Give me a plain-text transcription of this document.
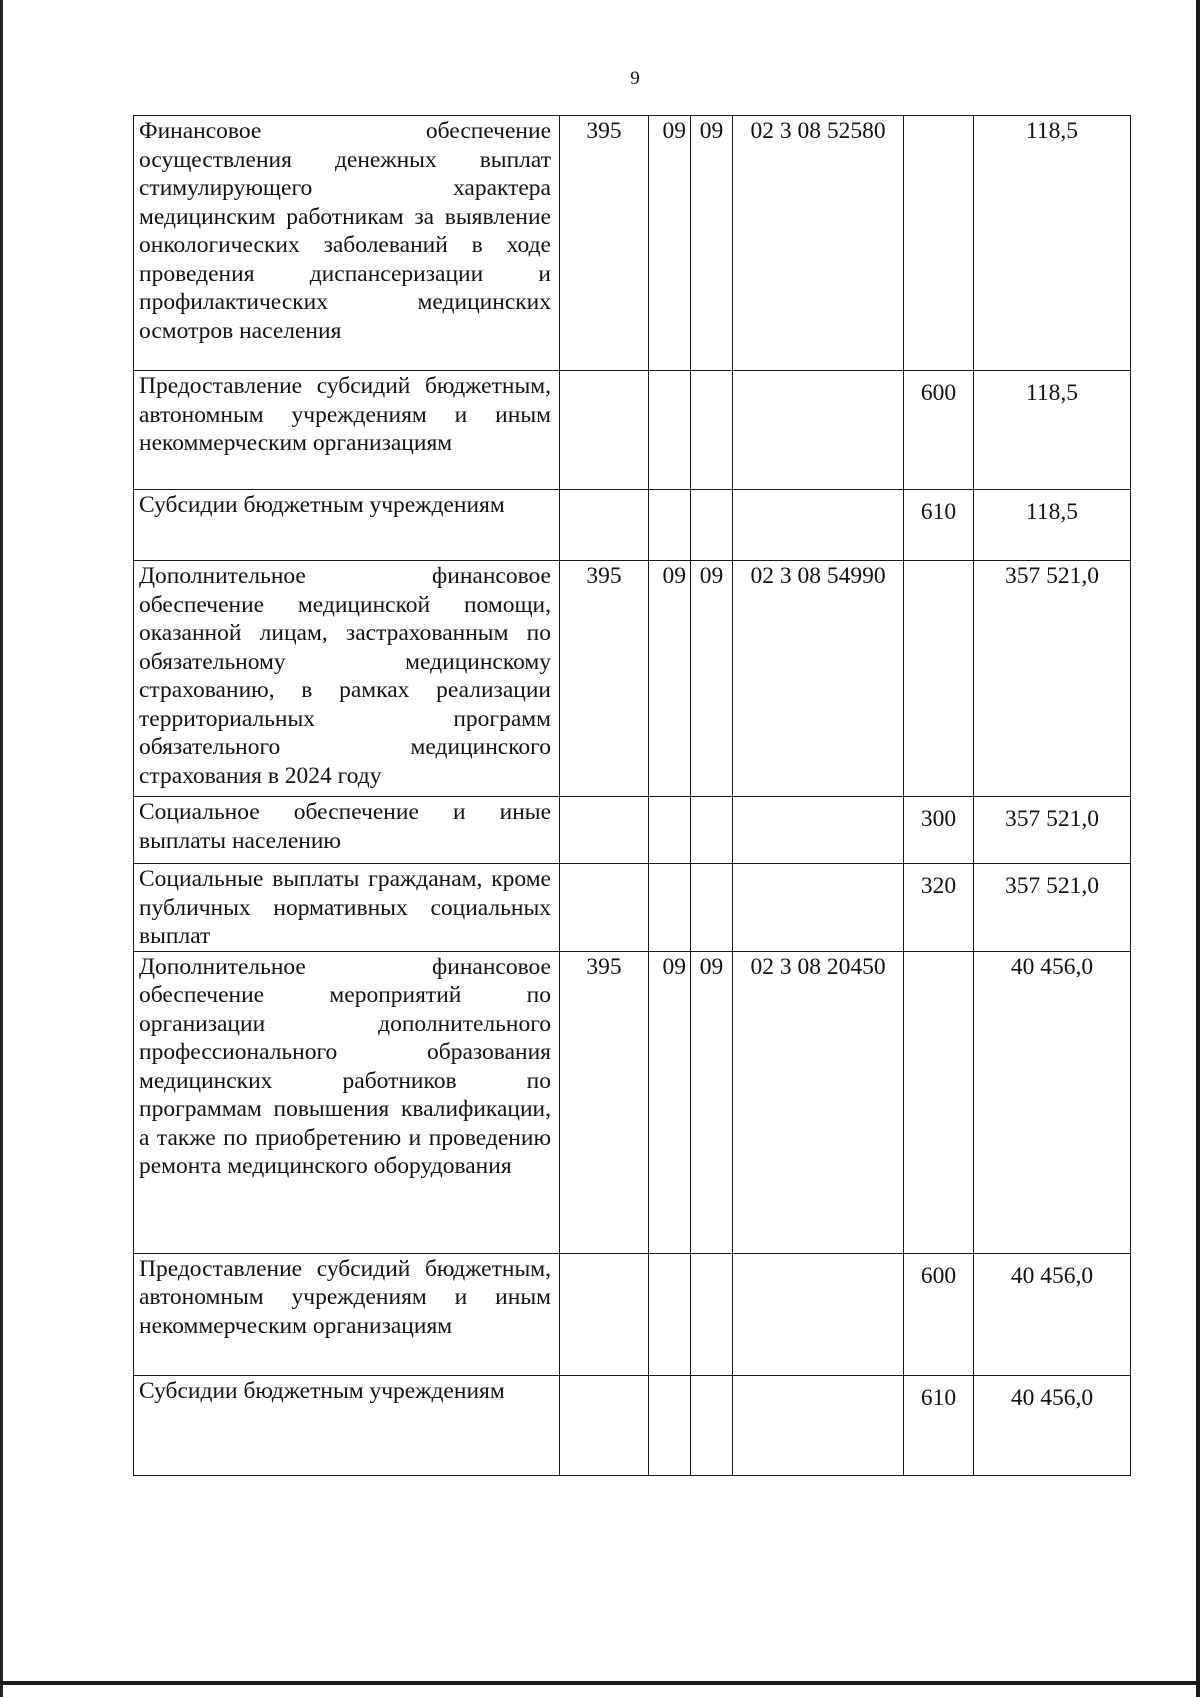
9
Финансовое обеспечение осуществления денежных выплат стимулирующего характера медицинским работникам за выявление онкологических заболеваний в ходе проведения диспансеризации и профилактических медицинских осмотров населения	395	09	09	02 3 08 52580		118,5

Предоставление субсидий бюджетным, автономным учреждениям и иным некоммерческим организациям					600	118,5

Субсидии бюджетным учреждениям					610	118,5

Дополнительное финансовое обеспечение медицинской помощи, оказанной лицам, застрахованным по обязательному медицинскому страхованию, в рамках реализации территориальных программ обязательного медицинского страхования в 2024 году	395	09	09	02 3 08 54990		357 521,0

Социальное обеспечение и иные выплаты населению					300	357 521,0

Социальные выплаты гражданам, кроме публичных нормативных социальных выплат					320	357 521,0

Дополнительное финансовое обеспечение мероприятий по организации дополнительного профессионального образования медицинских работников по программам повышения квалификации, а также по приобретению и проведению ремонта медицинского оборудования	395	09	09	02 3 08 20450		40 456,0

Предоставление субсидий бюджетным, автономным учреждениям и иным некоммерческим организациям					600	40 456,0

Субсидии бюджетным учреждениям					610	40 456,0
